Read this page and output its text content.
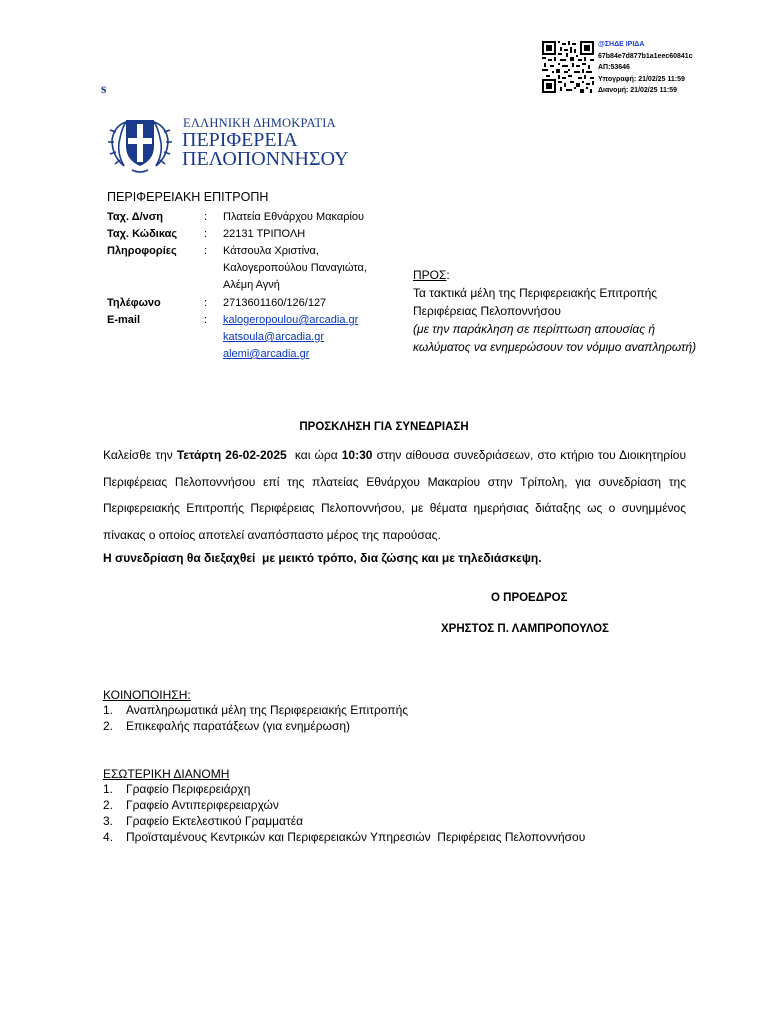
@ΣΗΔΕ ΙΡΙΔΑ
67b84e7d877b1a1eec60841c
ΑΠ:53646
Υπογραφή: 21/02/25 11:59
Διανομή: 21/02/25 11:59
s
ΕΛΛΗΝΙΚΗ ΔΗΜΟΚΡΑΤΙΑ
ΠΕΡΙΦΕΡΕΙΑ
ΠΕΛΟΠΟΝΝΗΣΟΥ
ΠΕΡΙΦΕΡΕΙΑΚΗ ΕΠΙΤΡΟΠΗ
Ταχ. Δ/νση	: Πλατεία Εθνάρχου Μακαρίου
Ταχ. Κώδικας : 22131 ΤΡΙΠΟΛΗ
Πληροφορίες : Κάτσουλα Χριστίνα,
Καλογεροπούλου Παναγιώτα,
Αλέμη Αγνή
Τηλέφωνο	: 2713601160/126/127
E-mail	: kalogeropoulou@arcadia.gr
katsoula@arcadia.gr
alemi@arcadia.gr
ΠΡΟΣ:
Τα τακτικά μέλη της Περιφερειακής Επιτροπής Περιφέρειας Πελοποννήσου
(με την παράκληση σε περίπτωση απουσίας ή κωλύματος να ενημερώσουν τον νόμιμο αναπληρωτή)
ΠΡΟΣΚΛΗΣΗ ΓΙΑ ΣΥΝΕΔΡΙΑΣΗ
Καλείσθε την Τετάρτη 26-02-2025  και ώρα 10:30 στην αίθουσα συνεδριάσεων, στο κτήριο του Διοικητηρίου Περιφέρειας Πελοποννήσου επί της πλατείας Εθνάρχου Μακαρίου στην Τρίπολη, για συνεδρίαση της Περιφερειακής Επιτροπής Περιφέρειας Πελοποννήσου, με θέματα ημερήσιας διάταξης ως ο συνημμένος πίνακας ο οποίος αποτελεί αναπόσπαστο μέρος της παρούσας.
Η συνεδρίαση θα διεξαχθεί  με μεικτό τρόπο, δια ζώσης και με τηλεδιάσκεψη.
Ο ΠΡΟΕΔΡΟΣ
ΧΡΗΣΤΟΣ Π. ΛΑΜΠΡΟΠΟΥΛΟΣ
ΚΟΙΝΟΠΟΙΗΣΗ:
1. Αναπληρωματικά μέλη της Περιφερειακής Επιτροπής
2. Επικεφαλής παρατάξεων (για ενημέρωση)
ΕΣΩΤΕΡΙΚΗ ΔΙΑΝΟΜΗ
1. Γραφείο Περιφερειάρχη
2. Γραφείο Αντιπεριφερειαρχών
3. Γραφείο Εκτελεστικού Γραμματέα
4. Προϊσταμένους Κεντρικών και Περιφερειακών Υπηρεσιών  Περιφέρειας Πελοποννήσου
